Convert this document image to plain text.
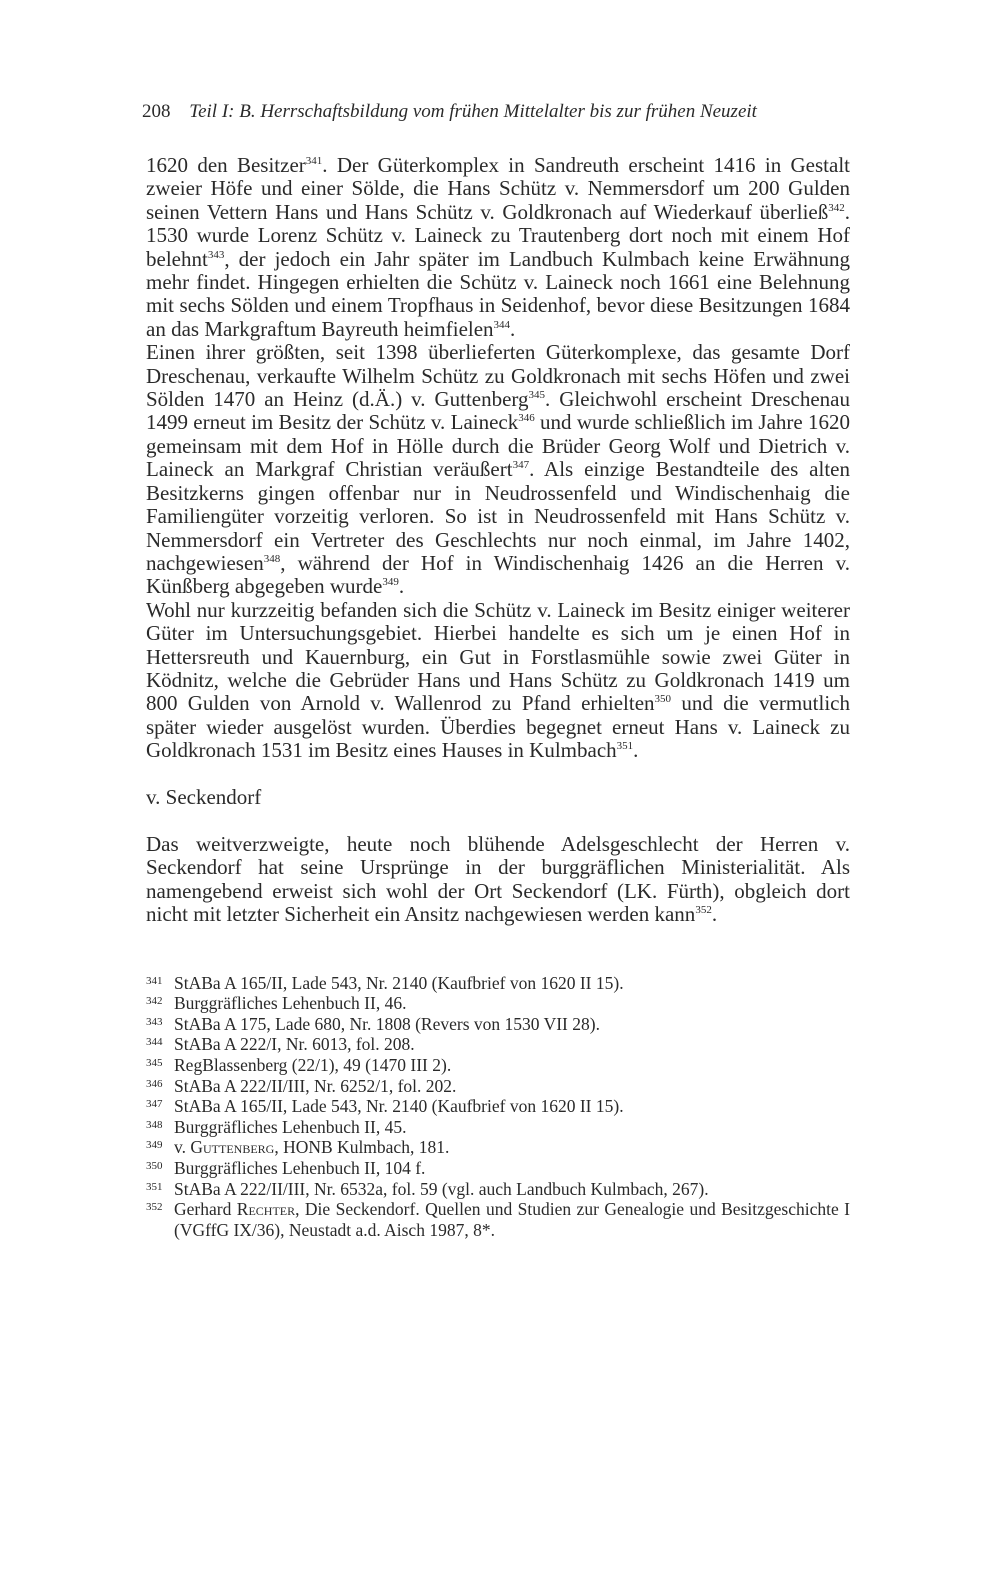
208 Teil I: B. Herrschaftsbildung vom frühen Mittelalter bis zur frühen Neuzeit

1620 den Besitzer$^{341}$. Der Güterkomplex in Sandreuth erscheint 1416 in Gestalt zweier Höfe und einer Sölde, die Hans Schütz v. Nemmersdorf um 200 Gulden seinen Vettern Hans und Hans Schütz v. Goldkronach auf Wiederkauf überließ$^{342}$. 1530 wurde Lorenz Schütz v. Laineck zu Trautenberg dort noch mit einem Hof belehnt$^{343}$, der jedoch ein Jahr später im Landbuch Kulmbach keine Erwähnung mehr findet. Hingegen erhielten die Schütz v. Laineck noch 1661 eine Belehnung mit sechs Sölden und einem Tropfhaus in Seidenhof, bevor diese Besitzungen 1684 an das Markgraftum Bayreuth heimfielen$^{344}$.

Einen ihrer größten, seit 1398 überlieferten Güterkomplexe, das gesamte Dorf Dreschenau, verkaufte Wilhelm Schütz zu Goldkronach mit sechs Höfen und zwei Sölden 1470 an Heinz (d.Ä.) v. Guttenberg$^{345}$. Gleichwohl erscheint Dreschenau 1499 erneut im Besitz der Schütz v. Laineck$^{346}$ und wurde schließlich im Jahre 1620 gemeinsam mit dem Hof in Hölle durch die Brüder Georg Wolf und Dietrich v. Laineck an Markgraf Christian veräußert$^{347}$. Als einzige Bestandteile des alten Besitzkerns gingen offenbar nur in Neudrossenfeld und Windischenhaig die Familiengüter vorzeitig verloren. So ist in Neudrossenfeld mit Hans Schütz v. Nemmersdorf ein Vertreter des Geschlechts nur noch einmal, im Jahre 1402, nachgewiesen$^{348}$, während der Hof in Windischenhaig 1426 an die Herren v. Künßberg abgegeben wurde$^{349}$.

Wohl nur kurzzeitig befanden sich die Schütz v. Laineck im Besitz einiger weiterer Güter im Untersuchungsgebiet. Hierbei handelte es sich um je einen Hof in Hettersreuth und Kauernburg, ein Gut in Forstlasmühle sowie zwei Güter in Ködnitz, welche die Gebrüder Hans und Hans Schütz zu Goldkronach 1419 um 800 Gulden von Arnold v. Wallenrod zu Pfand erhielten$^{350}$ und die vermutlich später wieder ausgelöst wurden. Überdies begegnet erneut Hans v. Laineck zu Goldkronach 1531 im Besitz eines Hauses in Kulmbach$^{351}$.

v. Seckendorf

Das weitverzweigte, heute noch blühende Adelsgeschlecht der Herren v. Seckendorf hat seine Ursprünge in der burggräflichen Ministerialität. Als namengebend erweist sich wohl der Ort Seckendorf (LK. Fürth), obgleich dort nicht mit letzter Sicherheit ein Ansitz nachgewiesen werden kann$^{352}$.

341 StABa A 165/II, Lade 543, Nr. 2140 (Kaufbrief von 1620 II 15).
342 Burggräfliches Lehenbuch II, 46.
343 StABa A 175, Lade 680, Nr. 1808 (Revers von 1530 VII 28).
344 StABa A 222/I, Nr. 6013, fol. 208.
345 RegBlassenberg (22/1), 49 (1470 III 2).
346 StABa A 222/II/III, Nr. 6252/1, fol. 202.
347 StABa A 165/II, Lade 543, Nr. 2140 (Kaufbrief von 1620 II 15).
348 Burggräfliches Lehenbuch II, 45.
349 v. Guttenberg, HONB Kulmbach, 181.
350 Burggräfliches Lehenbuch II, 104 f.
351 StABa A 222/II/III, Nr. 6532a, fol. 59 (vgl. auch Landbuch Kulmbach, 267).
352 Gerhard Rechter, Die Seckendorf. Quellen und Studien zur Genealogie und Besitzgeschichte I (VGffG IX/36), Neustadt a.d. Aisch 1987, 8*.
